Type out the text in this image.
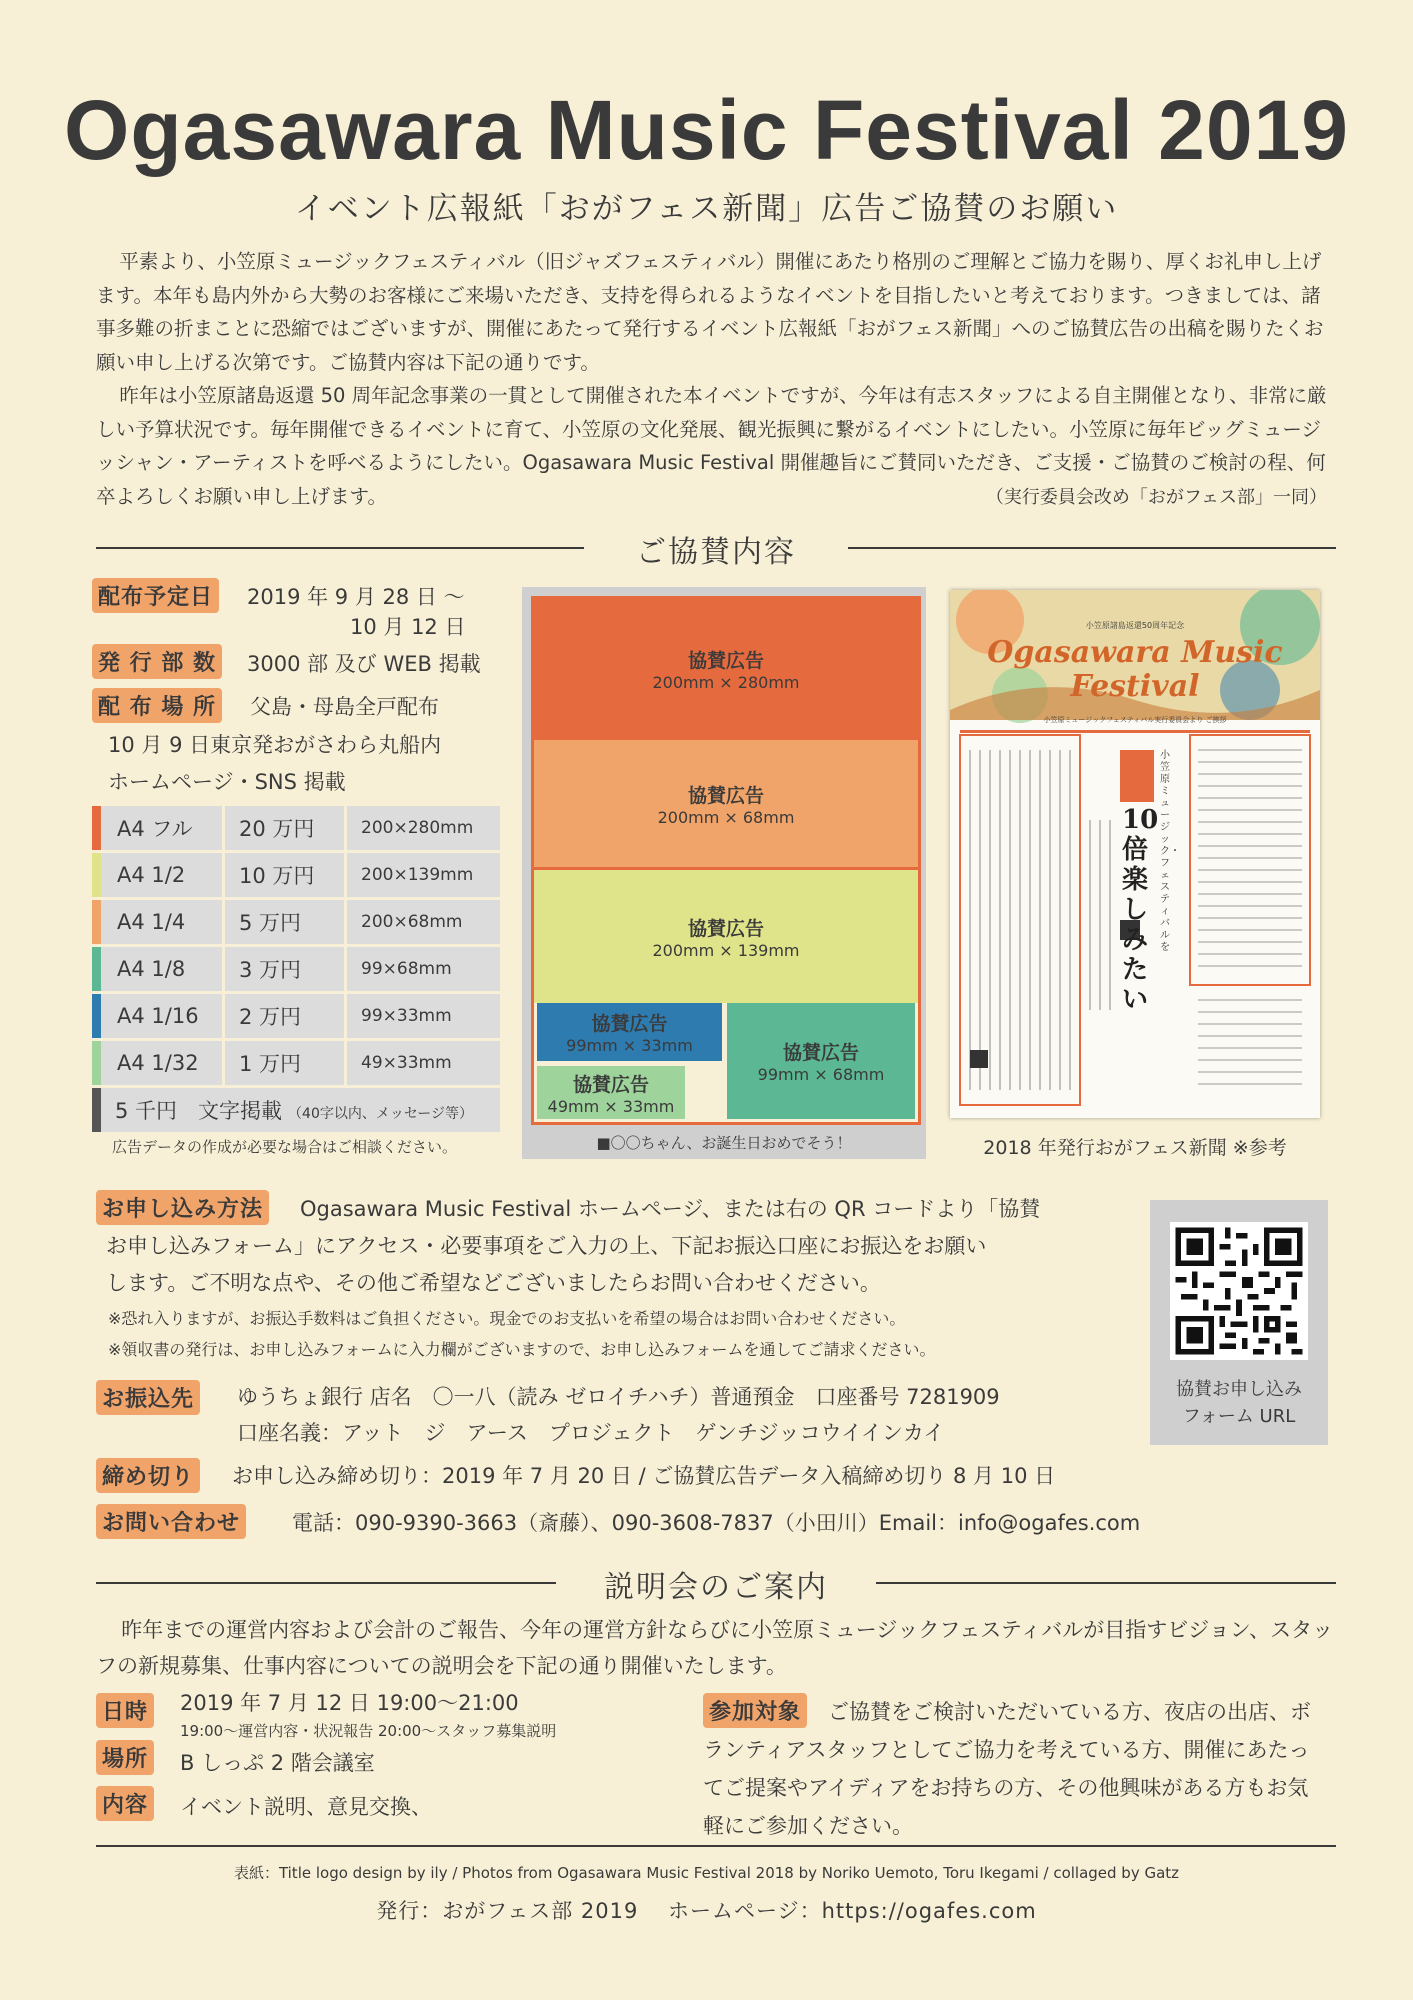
Ogasawara Music Festival 2019
イベント広報紙「おがフェス新聞」広告ご協賛のお願い

平素より、小笠原ミュージックフェスティバル（旧ジャズフェスティバル）開催にあたり格別のご理解とご協力を賜り、厚くお礼申し上げます。本年も島内外から大勢のお客様にご来場いただき、支持を得られるようなイベントを目指したいと考えております。つきましては、諸事多難の折まことに恐縮ではございますが、開催にあたって発行するイベント広報紙「おがフェス新聞」へのご協賛広告の出稿を賜りたくお願い申し上げる次第です。ご協賛内容は下記の通りです。

昨年は小笠原諸島返還 50 周年記念事業の一貫として開催された本イベントですが、今年は有志スタッフによる自主開催となり、非常に厳しい予算状況です。毎年開催できるイベントに育て、小笠原の文化発展、観光振興に繋がるイベントにしたい。小笠原に毎年ビッグミュージッシャン・アーティストを呼べるようにしたい。Ogasawara Music Festival 開催趣旨にご賛同いただき、ご支援・ご協賛のご検討の程、何卒よろしくお願い申し上げます。	（実行委員会改め「おがフェス部」一同）
ご協賛内容
配布予定日 2019 年 9 月 28 日 〜
10 月 12 日
発 行 部 数 3000 部 及び WEB 掲載
配 布 場 所 父島・母島全戸配布
10 月 9 日東京発おがさわら丸船内
ホームページ・SNS 掲載
A4 フル	20 万円	200×280mm
A4 1/2	10 万円	200×139mm
A4 1/4	5 万円	200×68mm
A4 1/8	3 万円	99×68mm
A4 1/16	2 万円	99×33mm
A4 1/32	1 万円	49×33mm
5 千円　文字掲載 （40字以内、メッセージ等）
広告データの作成が必要な場合はご相談ください。
協賛広告
200mm × 280mm
協賛広告
200mm × 68mm
協賛広告
200mm × 139mm
協賛広告
99mm × 33mm	協賛広告
99mm × 68mm
協賛広告
49mm × 33mm
■〇〇ちゃん、お誕生日おめでそう！
小笠原諸島返還50周年記念
Ogasawara Music Festival
小笠原ミュージックフェスティバル実行委員会より ご挨拶
10倍楽しみたい
小笠原ミュージック・フェスティバルを
2018 年発行おがフェス新聞 ※参考
お申し込み方法 Ogasawara Music Festival ホームページ、または右の QR コードより「協賛
お申し込みフォーム」にアクセス・必要事項をご入力の上、下記お振込口座にお振込をお願い
します。ご不明な点や、その他ご希望などございましたらお問い合わせください。
※恐れ入りますが、お振込手数料はご負担ください。現金でのお支払いを希望の場合はお問い合わせください。
※領収書の発行は、お申し込みフォームに入力欄がございますので、お申し込みフォームを通してご請求ください。
協賛お申し込み
フォーム URL
お振込先 ゆうちょ銀行 店名　〇一八（読み ゼロイチハチ）普通預金　口座番号 7281909
口座名義：アット　ジ　アース　プロジェクト　ゲンチジッコウイインカイ
締め切り お申し込み締め切り：2019 年 7 月 20 日 / ご協賛広告データ入稿締め切り 8 月 10 日
お問い合わせ 電話：090-9390-3663（斎藤）、090-3608-7837（小田川）Email：info@ogafes.com
説明会のご案内

昨年までの運営内容および会計のご報告、今年の運営方針ならびに小笠原ミュージックフェスティバルが目指すビジョン、スタッフの新規募集、仕事内容についての説明会を下記の通り開催いたします。

日時 2019 年 7 月 12 日 19:00〜21:00
19:00〜運営内容・状況報告 20:00〜スタッフ募集説明
場所 B しっぷ 2 階会議室
内容 イベント説明、意見交換、
参加対象	ご協賛をご検討いただいている方、夜店の出店、ボランティアスタッフとしてご協力を考えている方、開催にあたってご提案やアイディアをお持ちの方、その他興味がある方もお気軽にご参加ください。
表紙：Title logo design by ily / Photos from Ogasawara Music Festival 2018 by Noriko Uemoto, Toru Ikegami / collaged by Gatz
発行：おがフェス部 2019　 ホームページ：https://ogafes.com
